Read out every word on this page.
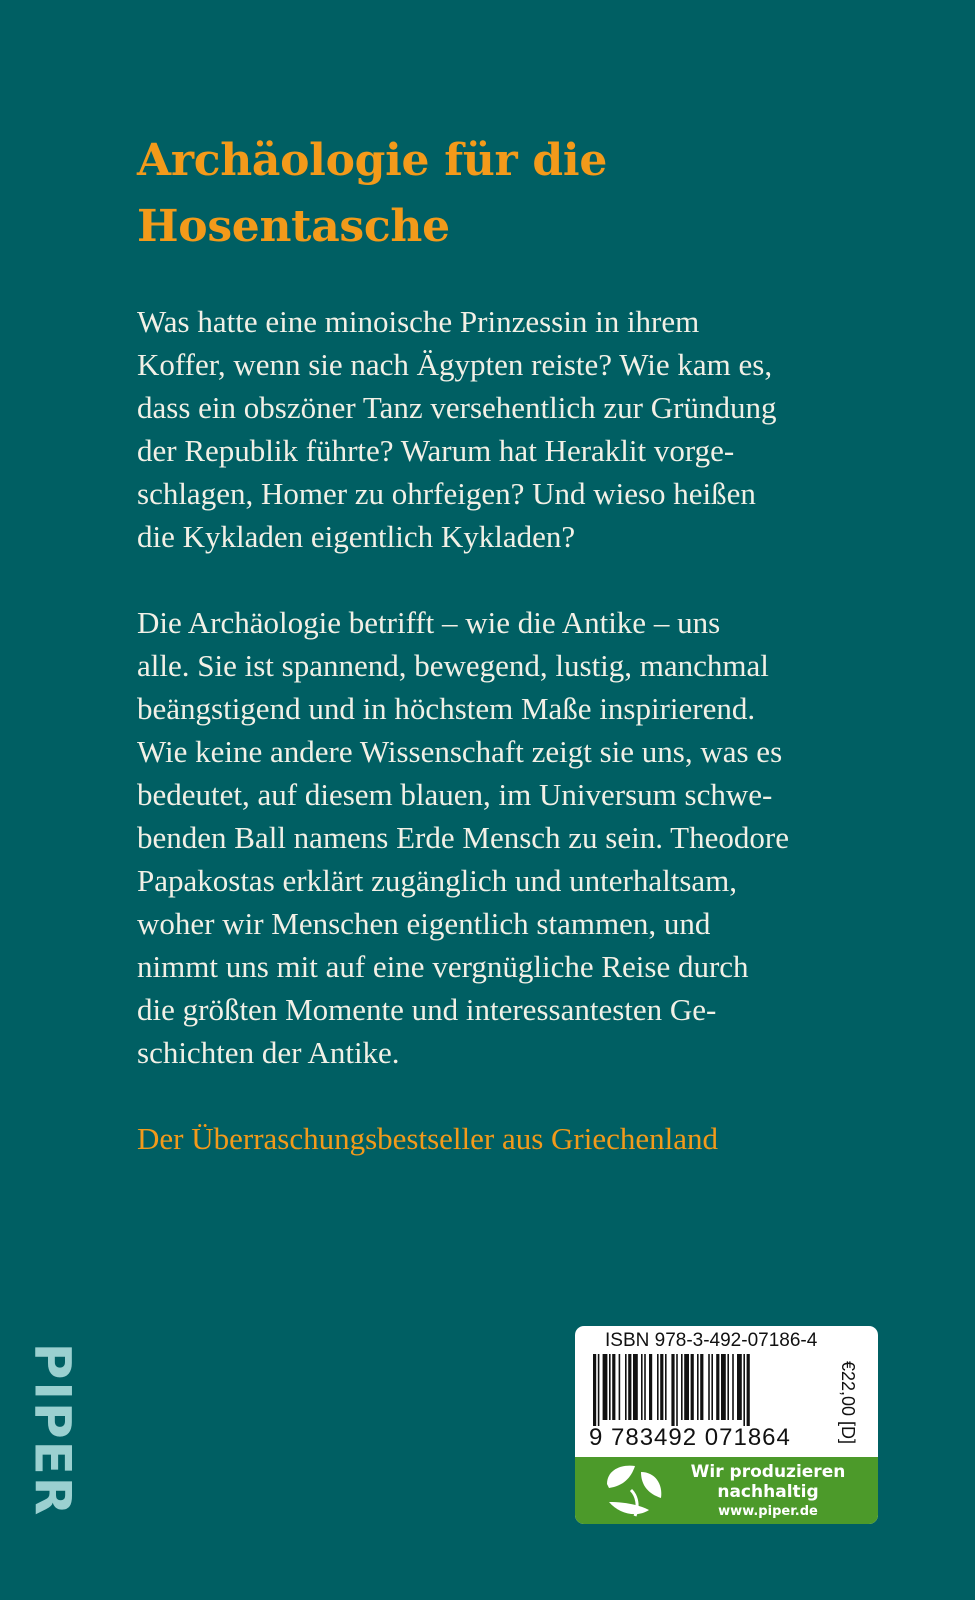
Archäologie für die
Hosentasche

Was hatte eine minoische Prinzessin in ihrem
Koffer, wenn sie nach Ägypten reiste? Wie kam es,
dass ein obszöner Tanz versehentlich zur Gründung
der Republik führte? Warum hat Heraklit vorge-
schlagen, Homer zu ohrfeigen? Und wieso heißen
die Kykladen eigentlich Kykladen?

Die Archäologie betrifft – wie die Antike – uns
alle. Sie ist spannend, bewegend, lustig, manchmal
beängstigend und in höchstem Maße inspirierend.
Wie keine andere Wissenschaft zeigt sie uns, was es
bedeutet, auf diesem blauen, im Universum schwe-
benden Ball namens Erde Mensch zu sein. Theodore
Papakostas erklärt zugänglich und unterhaltsam,
woher wir Menschen eigentlich stammen, und
nimmt uns mit auf eine vergnügliche Reise durch
die größten Momente und interessantesten Ge-
schichten der Antike.

Der Überraschungsbestseller aus Griechenland
PIPER
ISBN 978-3-492-07186-4
9 783492 071864	€22,00 [D]
Wir produzieren
nachhaltig
www.piper.de
